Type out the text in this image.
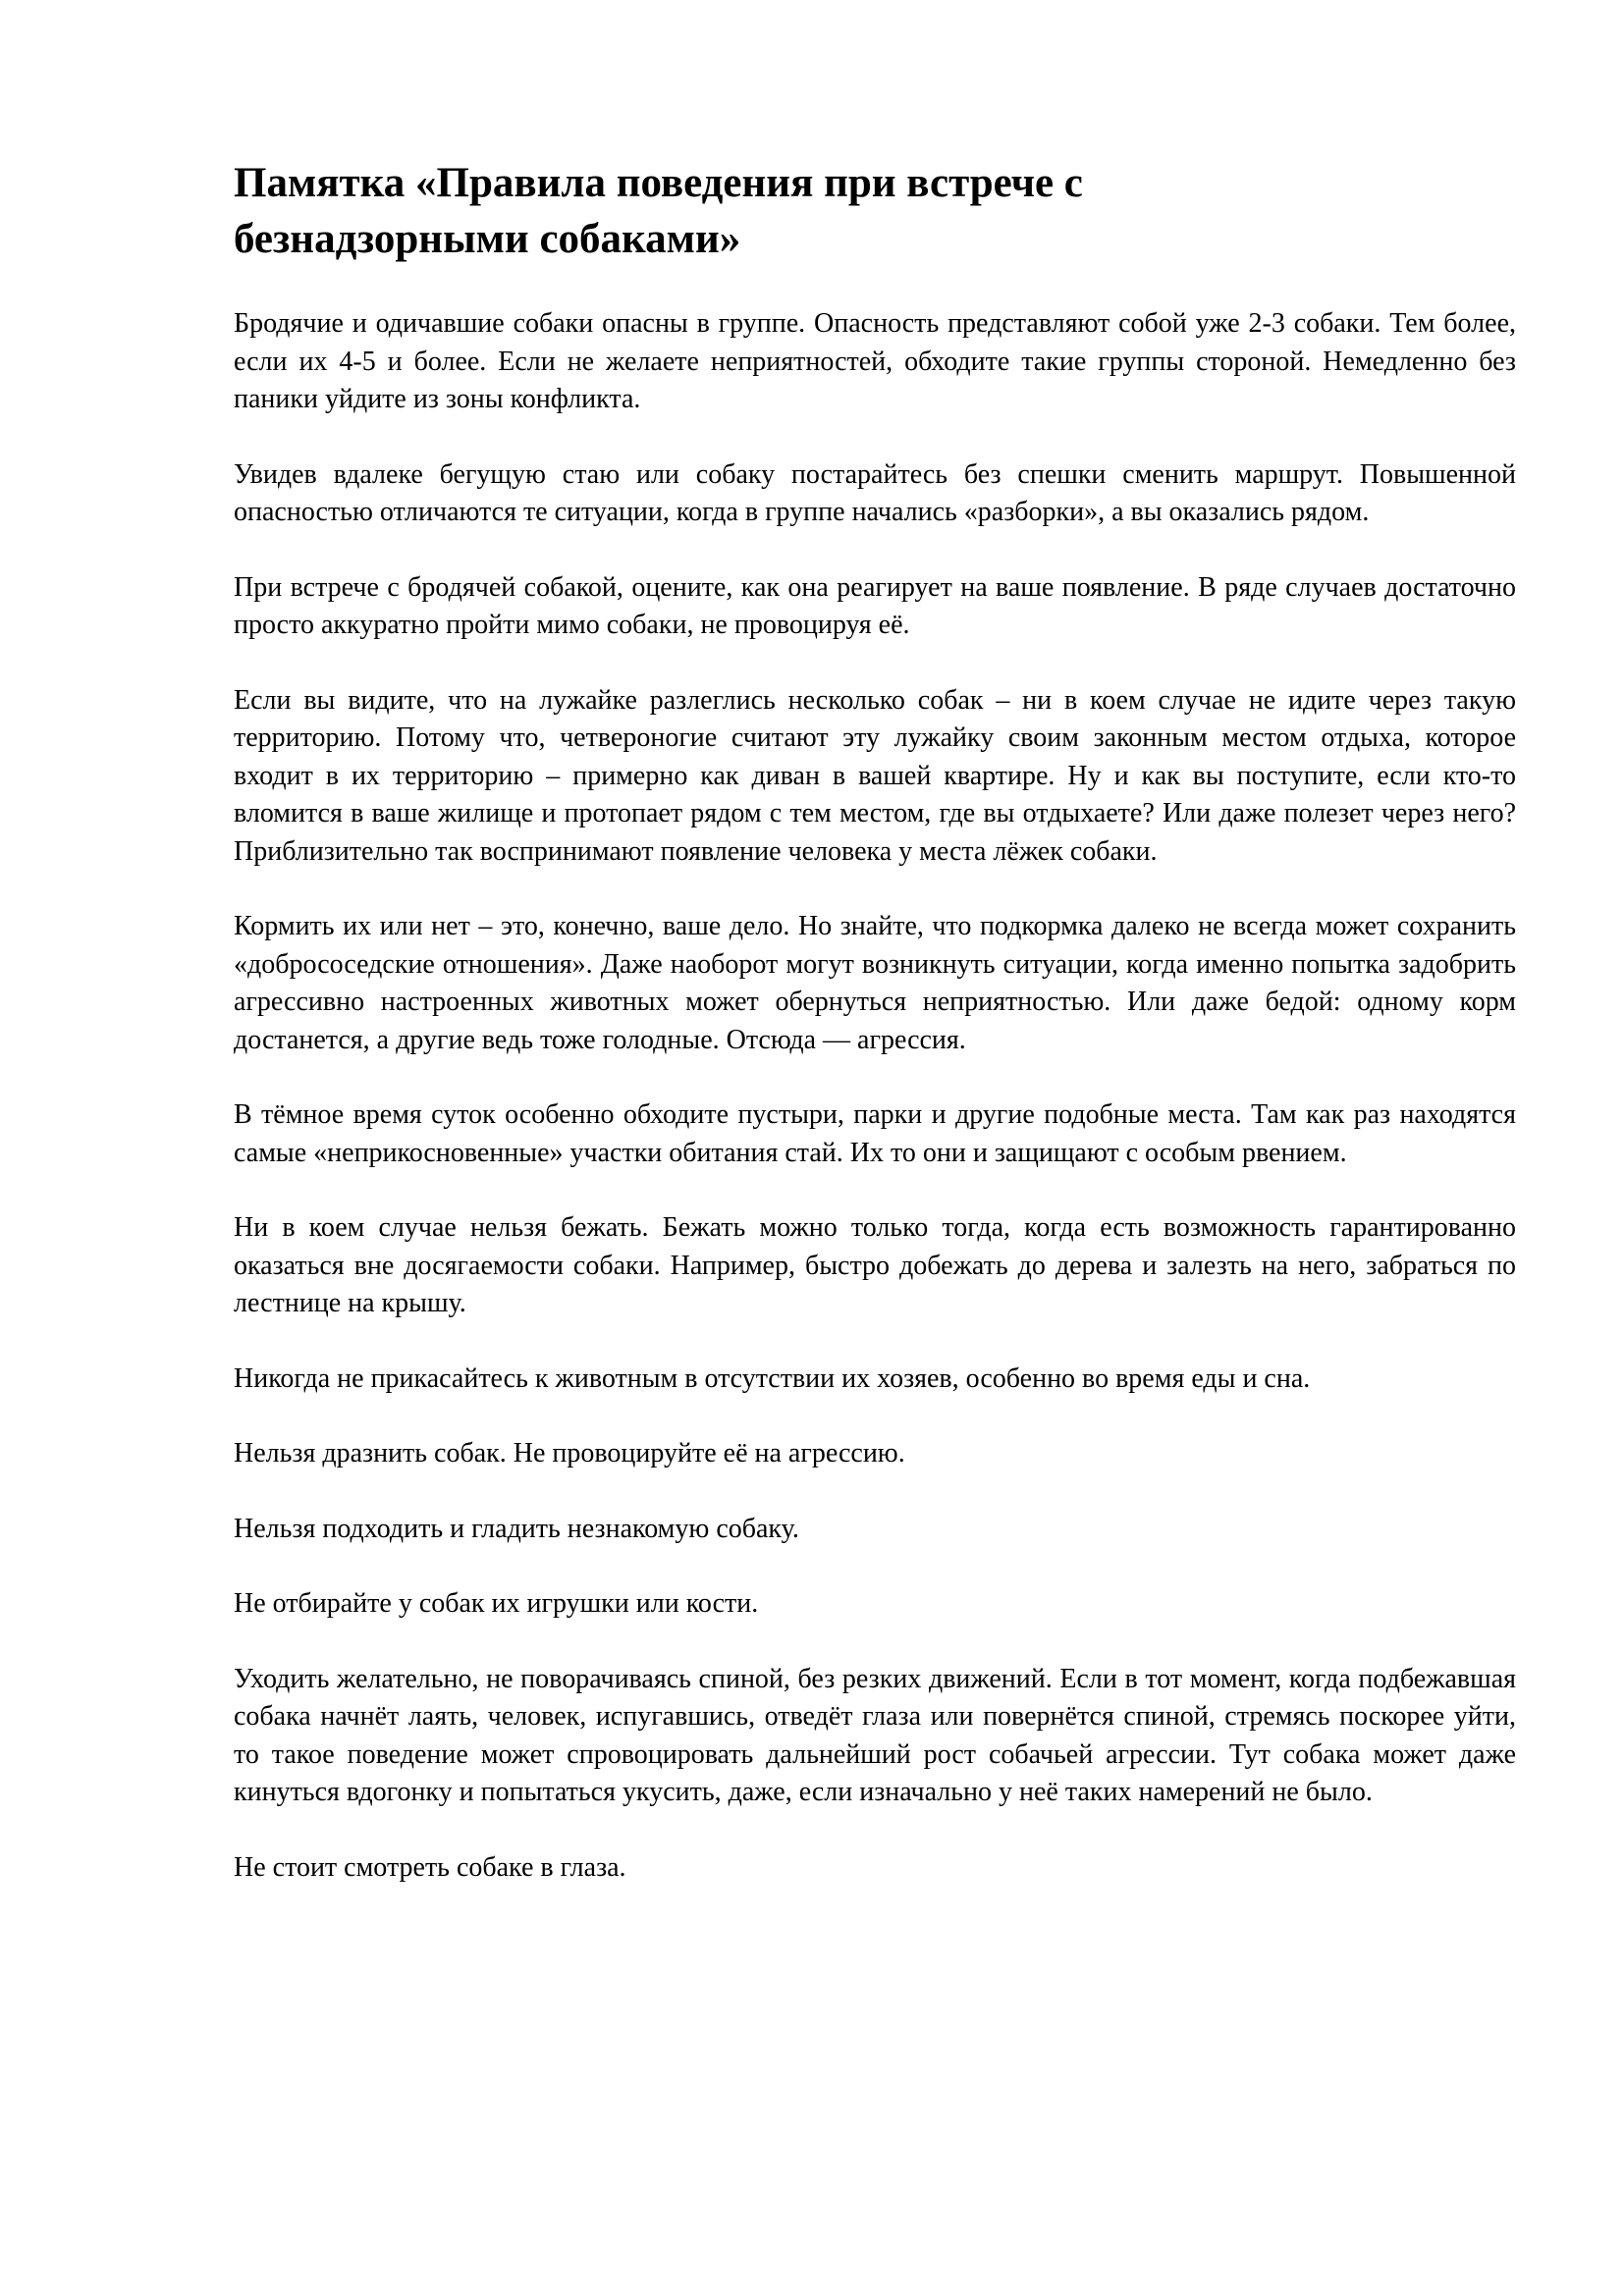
Памятка «Правила поведения при встрече с
безнадзорными собаками»

Бродячие и одичавшие собаки опасны в группе. Опасность представляют собой уже 2-3 собаки. Тем более, если их 4-5 и более. Если не желаете неприятностей, обходите такие группы стороной. Немедленно без паники уйдите из зоны конфликта.

Увидев вдалеке бегущую стаю или собаку постарайтесь без спешки сменить маршрут. Повышенной опасностью отличаются те ситуации, когда в группе начались «разборки», а вы оказались рядом.

При встрече с бродячей собакой, оцените, как она реагирует на ваше появление. В ряде случаев достаточно просто аккуратно пройти мимо собаки, не провоцируя её.

Если вы видите, что на лужайке разлеглись несколько собак – ни в коем случае не идите через такую территорию. Потому что, четвероногие считают эту лужайку своим законным местом отдыха, которое входит в их территорию – примерно как диван в вашей квартире. Ну и как вы поступите, если кто-то вломится в ваше жилище и протопает рядом с тем местом, где вы отдыхаете? Или даже полезет через него? Приблизительно так воспринимают появление человека у места лёжек собаки.

Кормить их или нет – это, конечно, ваше дело. Но знайте, что подкормка далеко не всегда может сохранить «добрососедские отношения». Даже наоборот могут возникнуть ситуации, когда именно попытка задобрить агрессивно настроенных животных может обернуться неприятностью. Или даже бедой: одному корм достанется, а другие ведь тоже голодные. Отсюда — агрессия.

В тёмное время суток особенно обходите пустыри, парки и другие подобные места. Там как раз находятся самые «неприкосновенные» участки обитания стай. Их то они и защищают с особым рвением.

Ни в коем случае нельзя бежать. Бежать можно только тогда, когда есть возможность гарантированно оказаться вне досягаемости собаки. Например, быстро добежать до дерева и залезть на него, забраться по лестнице на крышу.

Никогда не прикасайтесь к животным в отсутствии их хозяев, особенно во время еды и сна.

Нельзя дразнить собак. Не провоцируйте её на агрессию.

Нельзя подходить и гладить незнакомую собаку.

Не отбирайте у собак их игрушки или кости.

Уходить желательно, не поворачиваясь спиной, без резких движений. Если в тот момент, когда подбежавшая собака начнёт лаять, человек, испугавшись, отведёт глаза или повернётся спиной, стремясь поскорее уйти, то такое поведение может спровоцировать дальнейший рост собачьей агрессии. Тут собака может даже кинуться вдогонку и попытаться укусить, даже, если изначально у неё таких намерений не было.

Не стоит смотреть собаке в глаза.
